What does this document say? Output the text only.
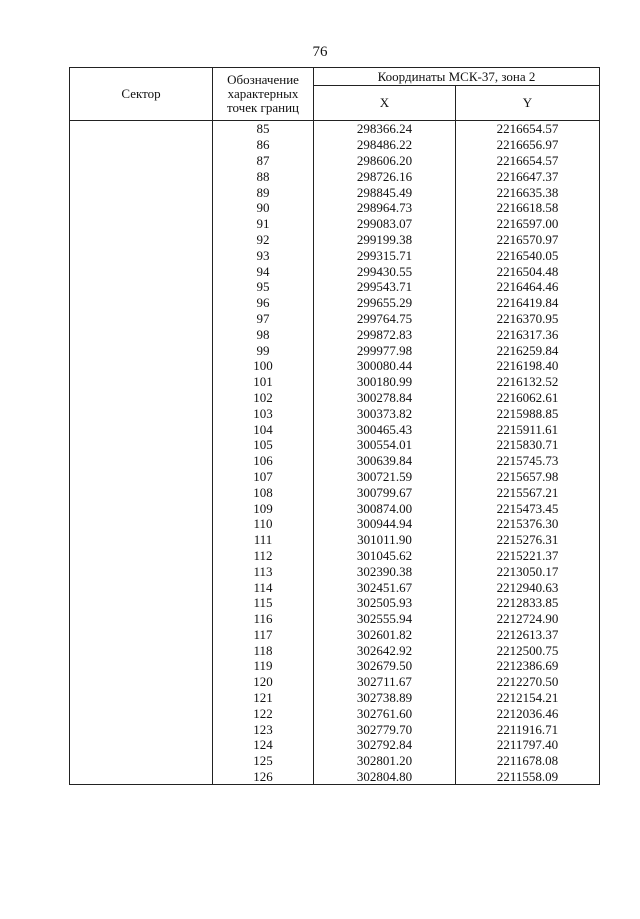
76
Сектор	Обозначение
характерных
точек границ	Координаты МСК-37, зона 2	
		X	Y
	85	298366.24	2216654.57
	86	298486.22	2216656.97
	87	298606.20	2216654.57
	88	298726.16	2216647.37
	89	298845.49	2216635.38
	90	298964.73	2216618.58
	91	299083.07	2216597.00
	92	299199.38	2216570.97
	93	299315.71	2216540.05
	94	299430.55	2216504.48
	95	299543.71	2216464.46
	96	299655.29	2216419.84
	97	299764.75	2216370.95
	98	299872.83	2216317.36
	99	299977.98	2216259.84
	100	300080.44	2216198.40
	101	300180.99	2216132.52
	102	300278.84	2216062.61
	103	300373.82	2215988.85
	104	300465.43	2215911.61
	105	300554.01	2215830.71
	106	300639.84	2215745.73
	107	300721.59	2215657.98
	108	300799.67	2215567.21
	109	300874.00	2215473.45
	110	300944.94	2215376.30
	111	301011.90	2215276.31
	112	301045.62	2215221.37
	113	302390.38	2213050.17
	114	302451.67	2212940.63
	115	302505.93	2212833.85
	116	302555.94	2212724.90
	117	302601.82	2212613.37
	118	302642.92	2212500.75
	119	302679.50	2212386.69
	120	302711.67	2212270.50
	121	302738.89	2212154.21
	122	302761.60	2212036.46
	123	302779.70	2211916.71
	124	302792.84	2211797.40
	125	302801.20	2211678.08
	126	302804.80	2211558.09
